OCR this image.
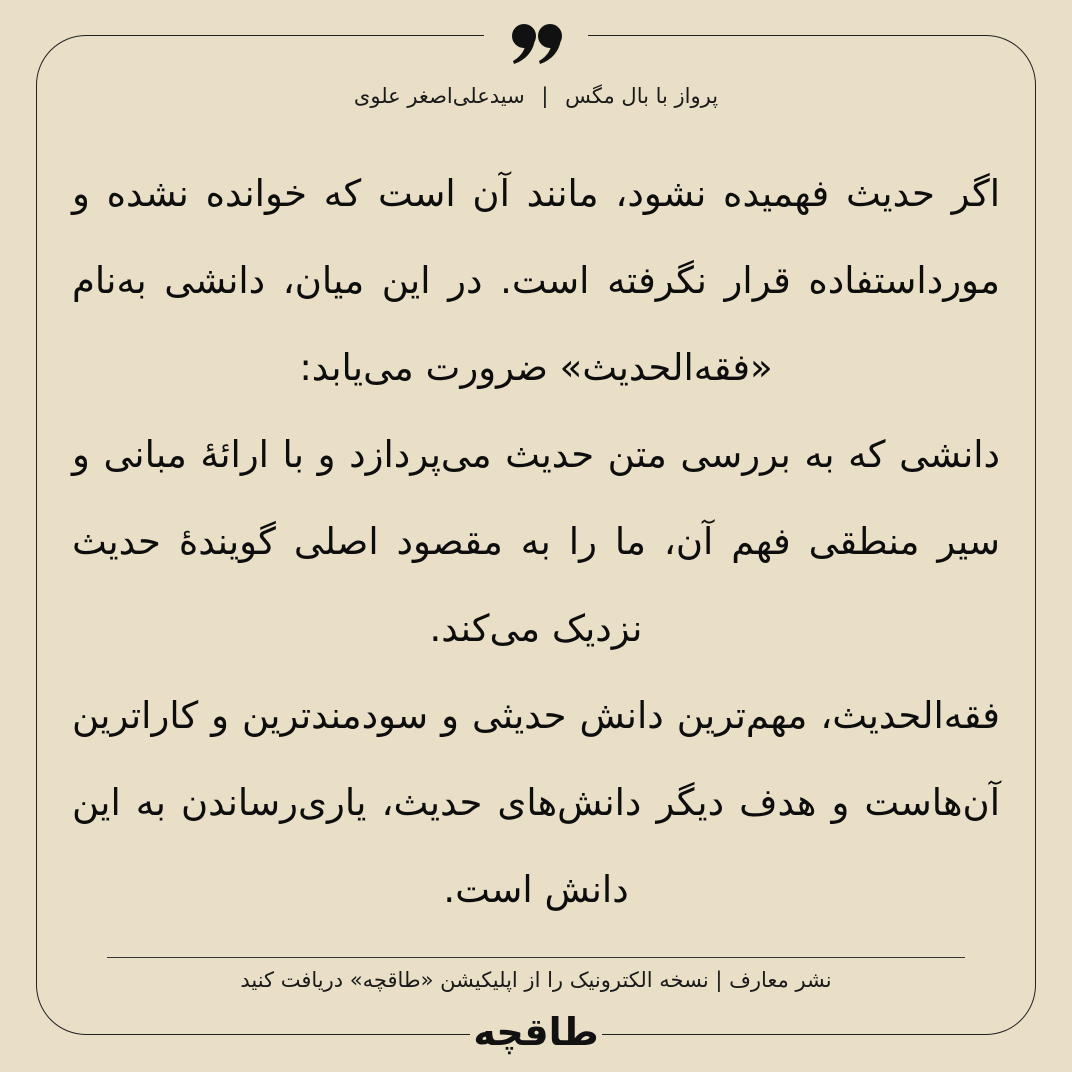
پرواز با بال مگس | سیدعلی‌اصغر علوی
اگر حدیث فهمیده نشود، مانند آن است که خوانده نشده و مورداستفاده قرار نگرفته است. در این میان، دانشی به‌نام «فقه‌الحدیث» ضرورت می‌یابد:
دانشی که به بررسی متن حدیث می‌پردازد و با ارائهٔ مبانی و سیر منطقی فهم آن، ما را به مقصود اصلی گویندهٔ حدیث نزدیک می‌کند.
فقه‌الحدیث، مهم‌ترین دانش حدیثی و سودمندترین و کاراترین آن‌هاست و هدف دیگر دانش‌های حدیث، یاری‌رساندن به این دانش است.
نشر معارف | نسخه الکترونیک را از اپلیکیشن «طاقچه» دریافت کنید
طاقچه
